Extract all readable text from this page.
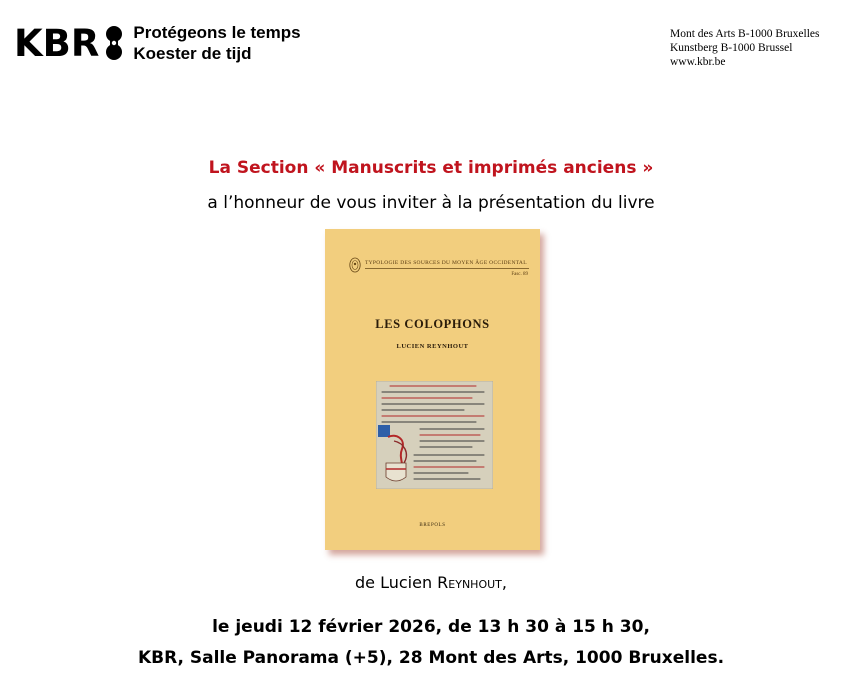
KBR Protégeons le temps
Koester de tijd
Mont des Arts B-1000 Bruxelles
Kunstberg B-1000 Brussel
www.kbr.be
La Section « Manuscrits et imprimés anciens »
a l’honneur de vous inviter à la présentation du livre
TYPOLOGIE DES SOURCES DU MOYEN ÂGE OCCIDENTAL
Fasc. 89
LES COLOPHONS
LUCIEN REYNHOUT
BREPOLS
de Lucien Reynhout,
le jeudi 12 février 2026, de 13 h 30 à 15 h 30,
KBR, Salle Panorama (+5), 28 Mont des Arts, 1000 Bruxelles.
